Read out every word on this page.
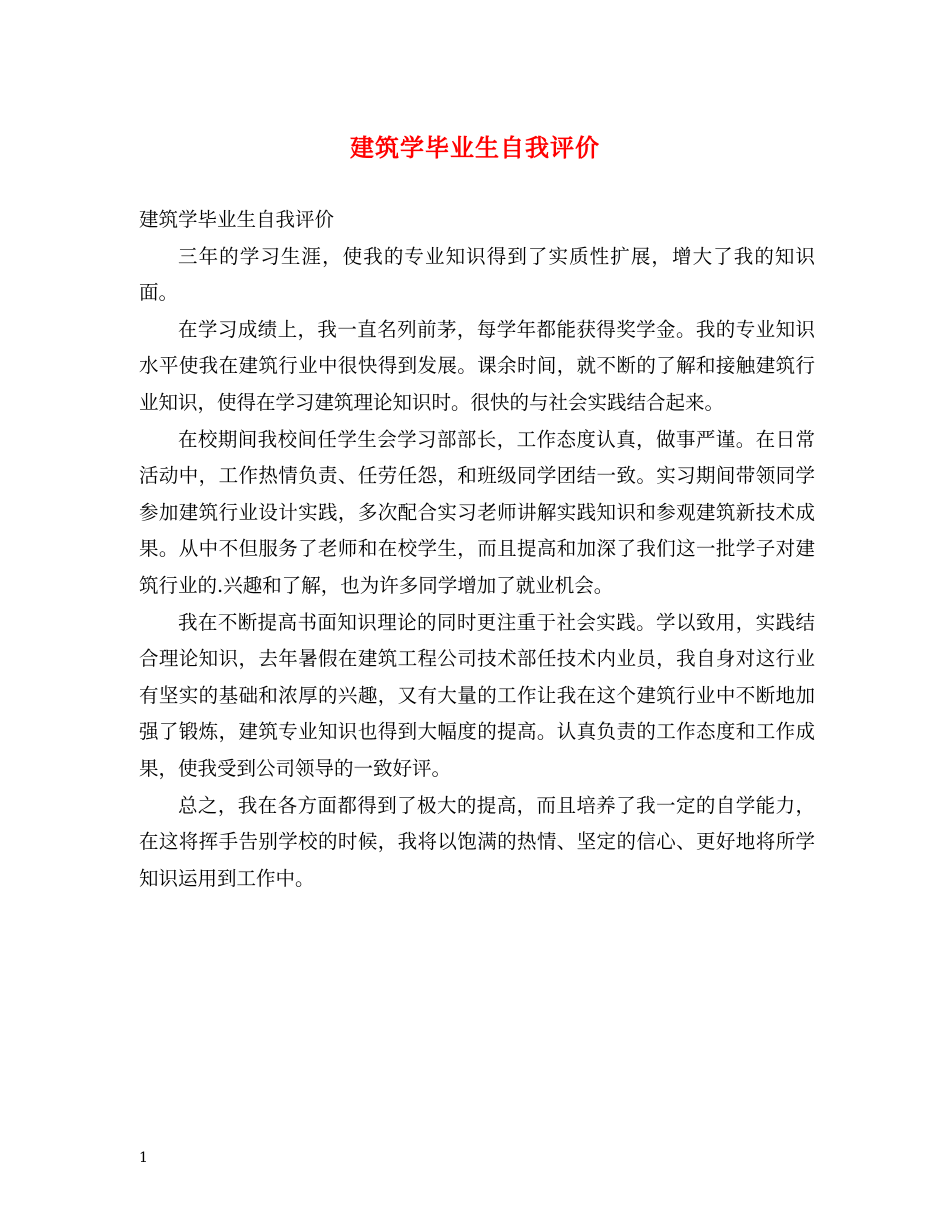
建筑学毕业生自我评价

建筑学毕业生自我评价

三年的学习生涯，使我的专业知识得到了实质性扩展，增大了我的知识面。

在学习成绩上，我一直名列前茅，每学年都能获得奖学金。我的专业知识水平使我在建筑行业中很快得到发展。课余时间，就不断的了解和接触建筑行业知识，使得在学习建筑理论知识时。很快的与社会实践结合起来。

在校期间我校间任学生会学习部部长，工作态度认真，做事严谨。在日常活动中，工作热情负责、任劳任怨，和班级同学团结一致。实习期间带领同学参加建筑行业设计实践，多次配合实习老师讲解实践知识和参观建筑新技术成果。从中不但服务了老师和在校学生，而且提高和加深了我们这一批学子对建筑行业的.兴趣和了解，也为许多同学增加了就业机会。

我在不断提高书面知识理论的同时更注重于社会实践。学以致用，实践结合理论知识，去年暑假在建筑工程公司技术部任技术内业员，我自身对这行业有坚实的基础和浓厚的兴趣，又有大量的工作让我在这个建筑行业中不断地加强了锻炼，建筑专业知识也得到大幅度的提高。认真负责的工作态度和工作成果，使我受到公司领导的一致好评。

总之，我在各方面都得到了极大的提高，而且培养了我一定的自学能力，在这将挥手告别学校的时候，我将以饱满的热情、坚定的信心、更好地将所学知识运用到工作中。

1
